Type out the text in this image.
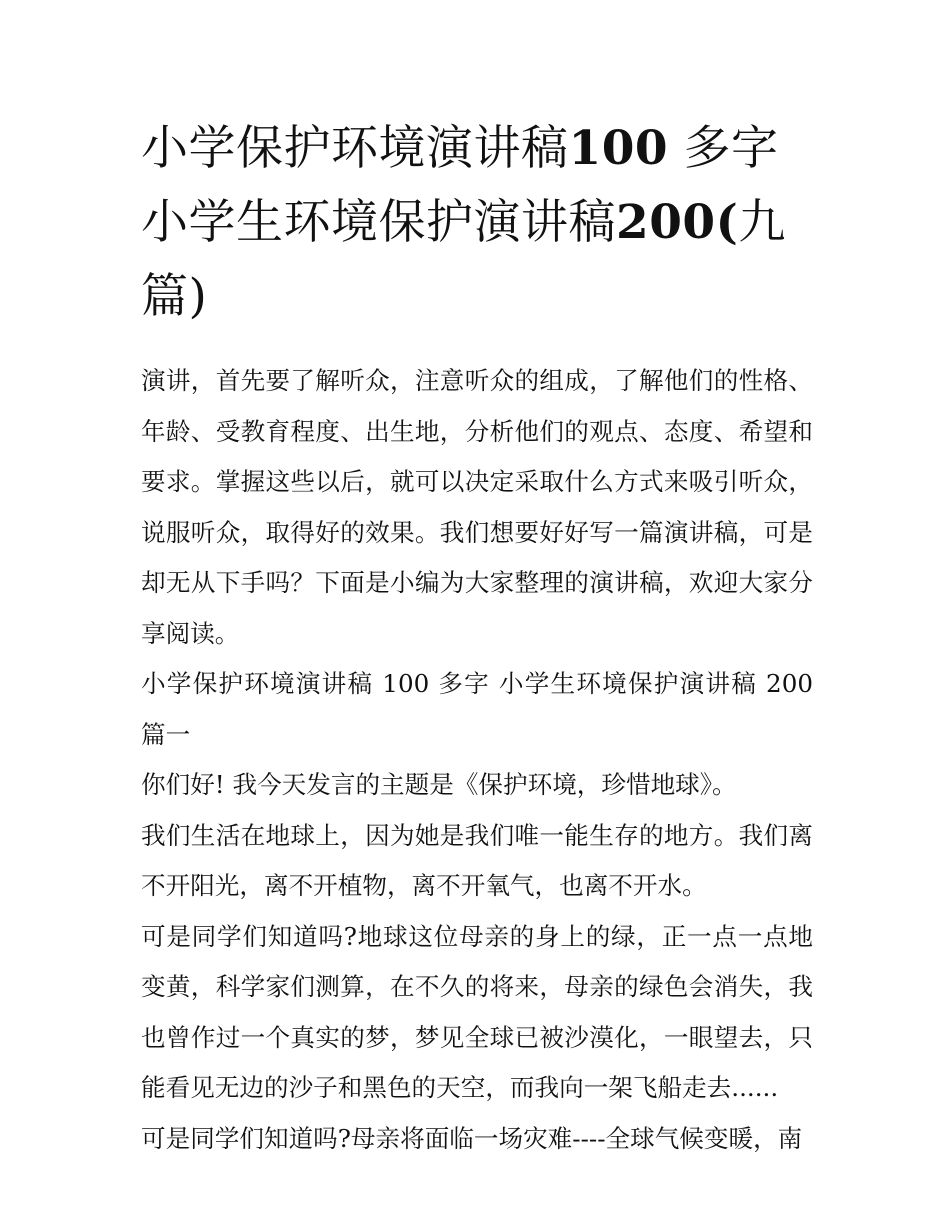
小学保护环境演讲稿100 多字
小学生环境保护演讲稿200(九
篇)

演讲，首先要了解听众，注意听众的组成，了解他们的性格、年龄、受教育程度、出生地，分析他们的观点、态度、希望和要求。掌握这些以后，就可以决定采取什么方式来吸引听众，说服听众，取得好的效果。我们想要好好写一篇演讲稿，可是却无从下手吗？下面是小编为大家整理的演讲稿，欢迎大家分享阅读。

小学保护环境演讲稿 100 多字 小学生环境保护演讲稿 200 篇一

你们好! 我今天发言的主题是《保护环境，珍惜地球》。

我们生活在地球上，因为她是我们唯一能生存的地方。我们离不开阳光，离不开植物，离不开氧气，也离不开水。

可是同学们知道吗?地球这位母亲的身上的绿，正一点一点地变黄，科学家们测算，在不久的将来，母亲的绿色会消失，我也曾作过一个真实的梦，梦见全球已被沙漠化，一眼望去，只能看见无边的沙子和黑色的天空，而我向一架飞船走去......

可是同学们知道吗?母亲将面临一场灾难----全球气候变暖，南
